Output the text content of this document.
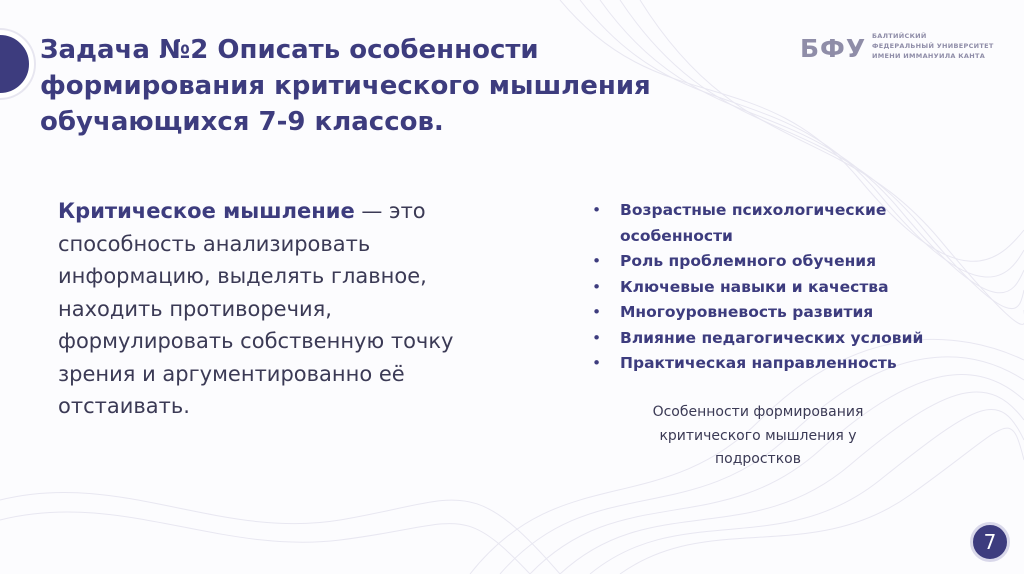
Задача №2 Описать особенности
формирования критического мышления
обучающихся 7-9 классов.
БФУ БАЛТИЙСКИЙ
ФЕДЕРАЛЬНЫЙ УНИВЕРСИТЕТ
ИМЕНИ ИММАНУИЛА КАНТА

Критическое мышление — это
способность анализировать
информацию, выделять главное,
находить противоречия,
формулировать собственную точку
зрения и аргументированно её
отстаивать.

• Возрастные психологические
особенности
• Роль проблемного обучения
• Ключевые навыки и качества
• Многоуровневость развития
• Влияние педагогических условий
• Практическая направленность

Особенности формирования
критического мышления у
подростков

7
